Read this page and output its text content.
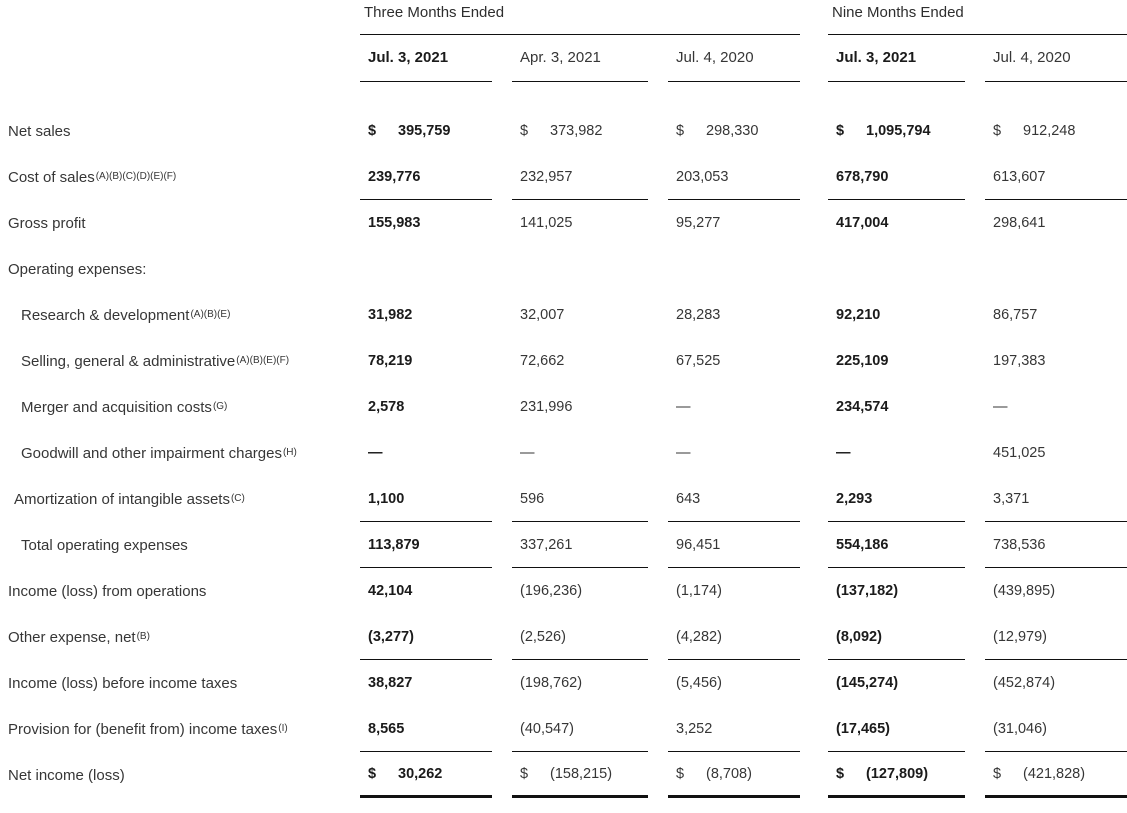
Three Months Ended	Nine Months Ended
Jul. 3, 2021	Apr. 3, 2021	Jul. 4, 2020	Jul. 3, 2021	Jul. 4, 2020
Net sales	$	395,759	$	373,982	$	298,330	$	1,095,794	$	912,248
Cost of sales (A)(B)(C)(D)(E)(F)	239,776	232,957	203,053	678,790	613,607
Gross profit	155,983	141,025	95,277	417,004	298,641
Operating expenses:
Research & development (A)(B)(E)	31,982	32,007	28,283	92,210	86,757
Selling, general & administrative (A)(B)(E)(F)	78,219	72,662	67,525	225,109	197,383
Merger and acquisition costs (G)	2,578	231,996	—	234,574	—
Goodwill and other impairment charges (H)	—	—	—	—	451,025
Amortization of intangible assets (C)	1,100	596	643	2,293	3,371
Total operating expenses	113,879	337,261	96,451	554,186	738,536
Income (loss) from operations	42,104	(196,236)	(1,174)	(137,182)	(439,895)
Other expense, net (B)	(3,277)	(2,526)	(4,282)	(8,092)	(12,979)
Income (loss) before income taxes	38,827	(198,762)	(5,456)	(145,274)	(452,874)
Provision for (benefit from) income taxes (I)	8,565	(40,547)	3,252	(17,465)	(31,046)
Net income (loss)	$	30,262	$	(158,215)	$	(8,708)	$	(127,809)	$	(421,828)
